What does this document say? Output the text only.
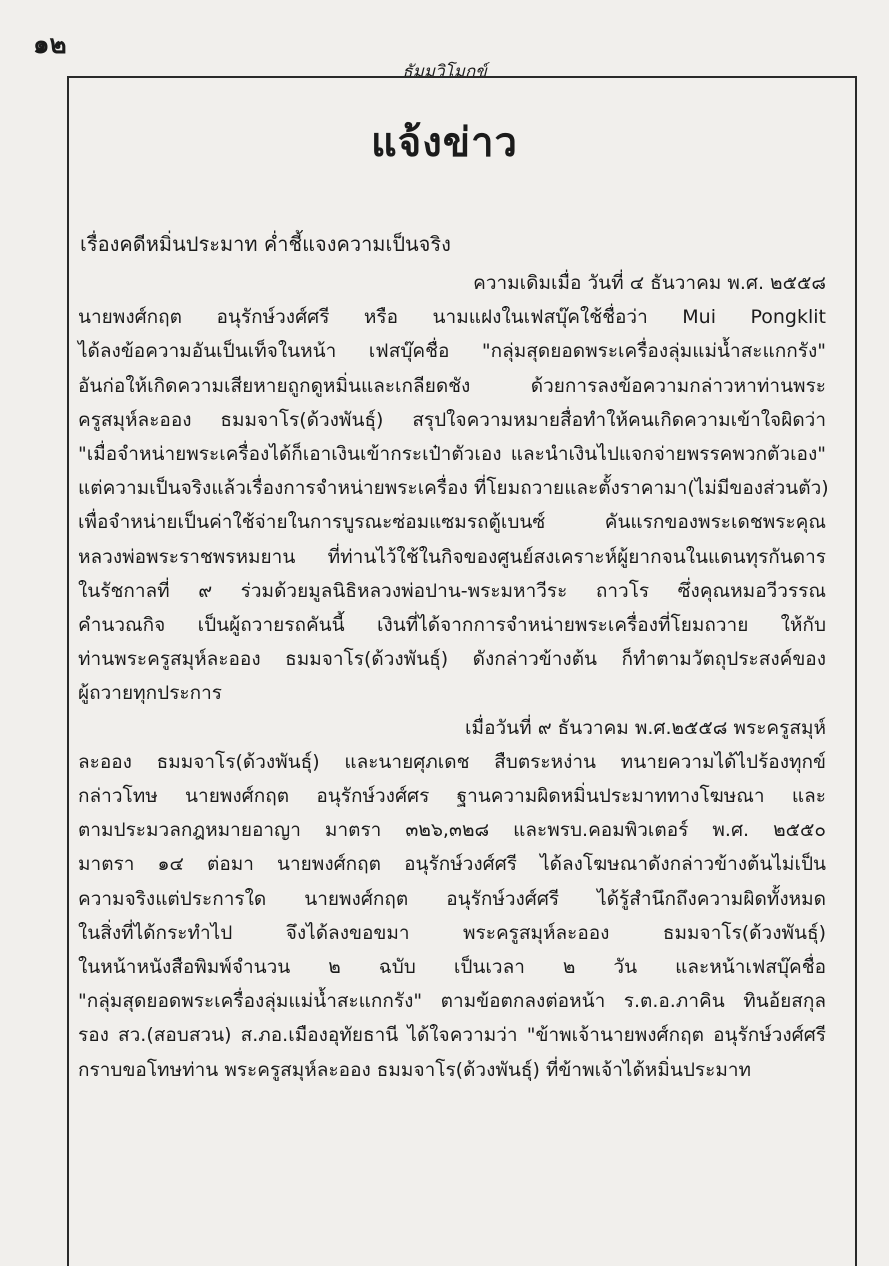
๑๒
ธัมมวิโมกข์
แจ้งข่าว
เรื่องคดีหมิ่นประมาท ค่ำชี้แจงความเป็นจริง
ความเดิมเมื่อ วันที่ ๔ ธันวาคม พ.ศ. ๒๕๕๘
นายพงศ์กฤต อนุรักษ์วงศ์ศรี หรือ นามแฝงในเฟสบุ๊คใช้ชื่อว่า Mui Pongklit
ได้ลงข้อความอันเป็นเท็จในหน้า เฟสบุ๊คชื่อ "กลุ่มสุดยอดพระเครื่องลุ่มแม่น้ำสะแกกรัง"
อันก่อให้เกิดความเสียหายถูกดูหมิ่นและเกลียดชัง ด้วยการลงข้อความกล่าวหาท่านพระ
ครูสมุห์ละออง ธมมจาโร(ด้วงพันธุ์) สรุปใจความหมายสื่อทำให้คนเกิดความเข้าใจผิดว่า
"เมื่อจำหน่ายพระเครื่องได้ก็เอาเงินเข้ากระเป๋าตัวเอง และนำเงินไปแจกจ่ายพรรคพวกตัวเอง"
แต่ความเป็นจริงแล้วเรื่องการจำหน่ายพระเครื่อง ที่โยมถวายและตั้งราคามา(ไม่มีของส่วนตัว)
เพื่อจำหน่ายเป็นค่าใช้จ่ายในการบูรณะซ่อมแซมรถตู้เบนซ์ คันแรกของพระเดชพระคุณ
หลวงพ่อพระราชพรหมยาน ที่ท่านไว้ใช้ในกิจของศูนย์สงเคราะห์ผู้ยากจนในแดนทุรกันดาร
ในรัชกาลที่ ๙ ร่วมด้วยมูลนิธิหลวงพ่อปาน-พระมหาวีระ ถาวโร ซึ่งคุณหมอวีวรรณ
คำนวณกิจ เป็นผู้ถวายรถคันนี้ เงินที่ได้จากการจำหน่ายพระเครื่องที่โยมถวาย ให้กับ
ท่านพระครูสมุห์ละออง ธมมจาโร(ด้วงพันธุ์) ดังกล่าวข้างต้น ก็ทำตามวัตถุประสงค์ของ
ผู้ถวายทุกประการ
เมื่อวันที่ ๙ ธันวาคม พ.ศ.๒๕๕๘ พระครูสมุห์
ละออง ธมมจาโร(ด้วงพันธุ์) และนายศุภเดช สืบตระหง่าน ทนายความได้ไปร้องทุกข์
กล่าวโทษ นายพงศ์กฤต อนุรักษ์วงศ์ศร ฐานความผิดหมิ่นประมาททางโฆษณา และ
ตามประมวลกฎหมายอาญา มาตรา ๓๒๖,๓๒๘ และพรบ.คอมพิวเตอร์ พ.ศ. ๒๕๕๐
มาตรา ๑๔ ต่อมา นายพงศ์กฤต อนุรักษ์วงศ์ศรี ได้ลงโฆษณาดังกล่าวข้างต้นไม่เป็น
ความจริงแต่ประการใด นายพงศ์กฤต อนุรักษ์วงศ์ศรี ได้รู้สำนึกถึงความผิดทั้งหมด
ในสิ่งที่ได้กระทำไป จึงได้ลงขอขมา พระครูสมุห์ละออง ธมมจาโร(ด้วงพันธุ์)
ในหน้าหนังสือพิมพ์จำนวน ๒ ฉบับ เป็นเวลา ๒ วัน และหน้าเฟสบุ๊คชื่อ
"กลุ่มสุดยอดพระเครื่องลุ่มแม่น้ำสะแกกรัง" ตามข้อตกลงต่อหน้า ร.ต.อ.ภาคิน ทินอ้ยสกุล
รอง สว.(สอบสวน) ส.ภอ.เมืองอุทัยธานี ได้ใจความว่า "ข้าพเจ้านายพงศ์กฤต อนุรักษ์วงศ์ศรี
กราบขอโทษท่าน พระครูสมุห์ละออง ธมมจาโร(ด้วงพันธุ์) ที่ข้าพเจ้าได้หมิ่นประมาท
